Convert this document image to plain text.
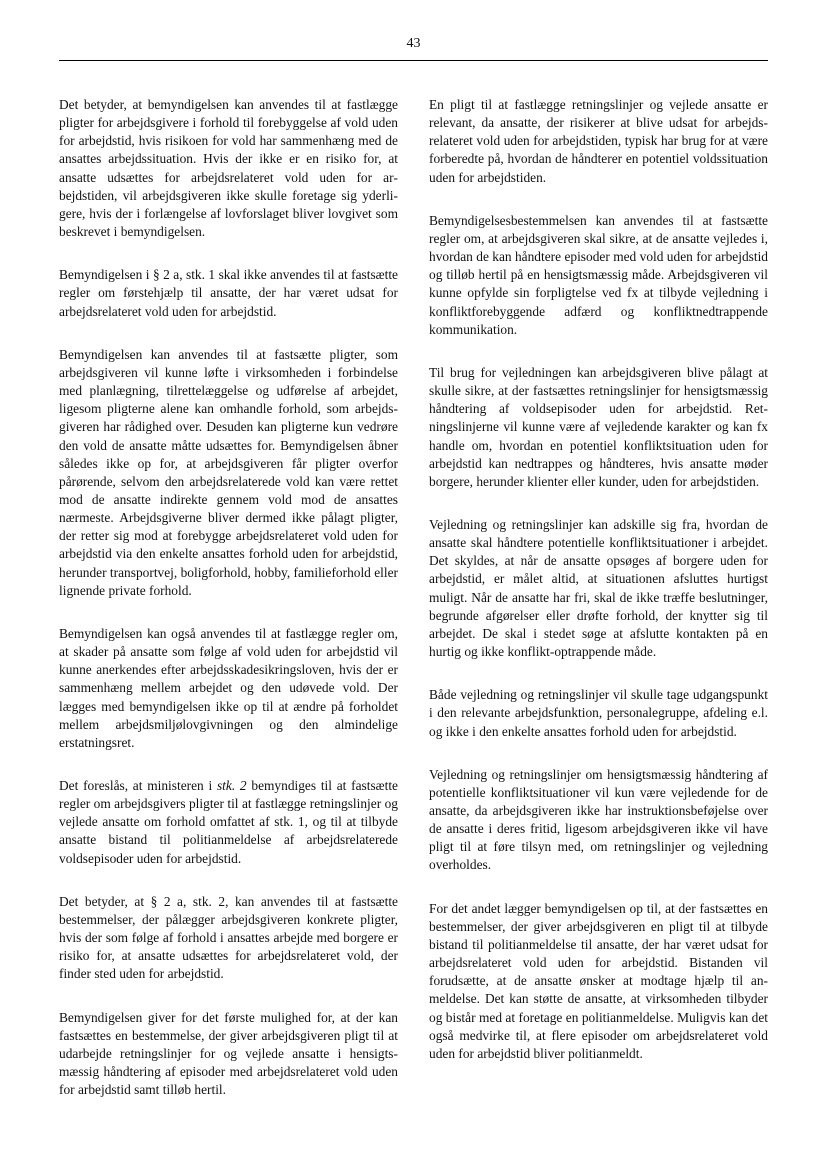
43

Det betyder, at bemyndigelsen kan anvendes til at fastlægge pligter for arbejdsgivere i forhold til forebyggelse af vold uden for arbejdstid, hvis risikoen for vold har sammenhæng med de ansattes arbejdssituation. Hvis der ikke er en risiko for, at ansatte udsættes for arbejdsrelateret vold uden for arbejdstiden, vil arbejdsgiveren ikke skulle foretage sig yderligere, hvis der i forlængelse af lovforslaget bliver lovgivet som beskrevet i bemyndigelsen.

Bemyndigelsen i § 2 a, stk. 1 skal ikke anvendes til at fastsætte regler om førstehjælp til ansatte, der har været udsat for arbejdsrelateret vold uden for arbejdstid.

Bemyndigelsen kan anvendes til at fastsætte pligter, som arbejdsgiveren vil kunne løfte i virksomheden i forbindelse med planlægning, tilrettelæggelse og udførelse af arbejdet, ligesom pligterne alene kan omhandle forhold, som arbejdsgiveren har rådighed over. Desuden kan pligterne kun vedrøre den vold de ansatte måtte udsættes for. Bemyndigelsen åbner således ikke op for, at arbejdsgiveren får pligter overfor pårørende, selvom den arbejdsrelaterede vold kan være rettet mod de ansatte indirekte gennem vold mod de ansattes nærmeste. Arbejdsgiverne bliver dermed ikke pålagt pligter, der retter sig mod at forebygge arbejdsrelateret vold uden for arbejdstid via den enkelte ansattes forhold uden for arbejdstid, herunder transportvej, boligforhold, hobby, familieforhold eller lignende private forhold.

Bemyndigelsen kan også anvendes til at fastlægge regler om, at skader på ansatte som følge af vold uden for arbejdstid vil kunne anerkendes efter arbejdsskadesikringsloven, hvis der er sammenhæng mellem arbejdet og den udøvede vold. Der lægges med bemyndigelsen ikke op til at ændre på forholdet mellem arbejdsmiljølovgivningen og den almindelige erstatningsret.

Det foreslås, at ministeren i stk. 2 bemyndiges til at fastsætte regler om arbejdsgivers pligter til at fastlægge retningslinjer og vejlede ansatte om forhold omfattet af stk. 1, og til at tilbyde ansatte bistand til politianmeldelse af arbejdsrelaterede voldsepisoder uden for arbejdstid.

Det betyder, at § 2 a, stk. 2, kan anvendes til at fastsætte bestemmelser, der pålægger arbejdsgiveren konkrete pligter, hvis der som følge af forhold i ansattes arbejde med borgere er risiko for, at ansatte udsættes for arbejdsrelateret vold, der finder sted uden for arbejdstid.

Bemyndigelsen giver for det første mulighed for, at der kan fastsættes en bestemmelse, der giver arbejdsgiveren pligt til at udarbejde retningslinjer for og vejlede ansatte i hensigtsmæssig håndtering af episoder med arbejdsrelateret vold uden for arbejdstid samt tilløb hertil.

En pligt til at fastlægge retningslinjer og vejlede ansatte er relevant, da ansatte, der risikerer at blive udsat for arbejdsrelateret vold uden for arbejdstiden, typisk har brug for at være forberedte på, hvordan de håndterer en potentiel voldssituation uden for arbejdstiden.

Bemyndigelsesbestemmelsen kan anvendes til at fastsætte regler om, at arbejdsgiveren skal sikre, at de ansatte vejledes i, hvordan de kan håndtere episoder med vold uden for arbejdstid og tilløb hertil på en hensigtsmæssig måde. Arbejdsgiveren vil kunne opfylde sin forpligtelse ved fx at tilbyde vejledning i konfliktforebyggende adfærd og konfliktnedtrappende kommunikation.

Til brug for vejledningen kan arbejdsgiveren blive pålagt at skulle sikre, at der fastsættes retningslinjer for hensigtsmæssig håndtering af voldsepisoder uden for arbejdstid. Retningslinjerne vil kunne være af vejledende karakter og kan fx handle om, hvordan en potentiel konfliktsituation uden for arbejdstid kan nedtrappes og håndteres, hvis ansatte møder borgere, herunder klienter eller kunder, uden for arbejdstiden.

Vejledning og retningslinjer kan adskille sig fra, hvordan de ansatte skal håndtere potentielle konfliktsituationer i arbejdet. Det skyldes, at når de ansatte opsøges af borgere uden for arbejdstid, er målet altid, at situationen afsluttes hurtigst muligt. Når de ansatte har fri, skal de ikke træffe beslutninger, begrunde afgørelser eller drøfte forhold, der knytter sig til arbejdet. De skal i stedet søge at afslutte kontakten på en hurtig og ikke konflikt-optrappende måde.

Både vejledning og retningslinjer vil skulle tage udgangspunkt i den relevante arbejdsfunktion, personalegruppe, afdeling e.l. og ikke i den enkelte ansattes forhold uden for arbejdstid.

Vejledning og retningslinjer om hensigtsmæssig håndtering af potentielle konfliktsituationer vil kun være vejledende for de ansatte, da arbejdsgiveren ikke har instruktionsbeføjelse over de ansatte i deres fritid, ligesom arbejdsgiveren ikke vil have pligt til at føre tilsyn med, om retningslinjer og vejledning overholdes.

For det andet lægger bemyndigelsen op til, at der fastsættes en bestemmelser, der giver arbejdsgiveren en pligt til at tilbyde bistand til politianmeldelse til ansatte, der har været udsat for arbejdsrelateret vold uden for arbejdstid. Bistanden vil forudsætte, at de ansatte ønsker at modtage hjælp til anmeldelse. Det kan støtte de ansatte, at virksomheden tilbyder og bistår med at foretage en politianmeldelse. Muligvis kan det også medvirke til, at flere episoder om arbejdsrelateret vold uden for arbejdstid bliver politianmeldt.
